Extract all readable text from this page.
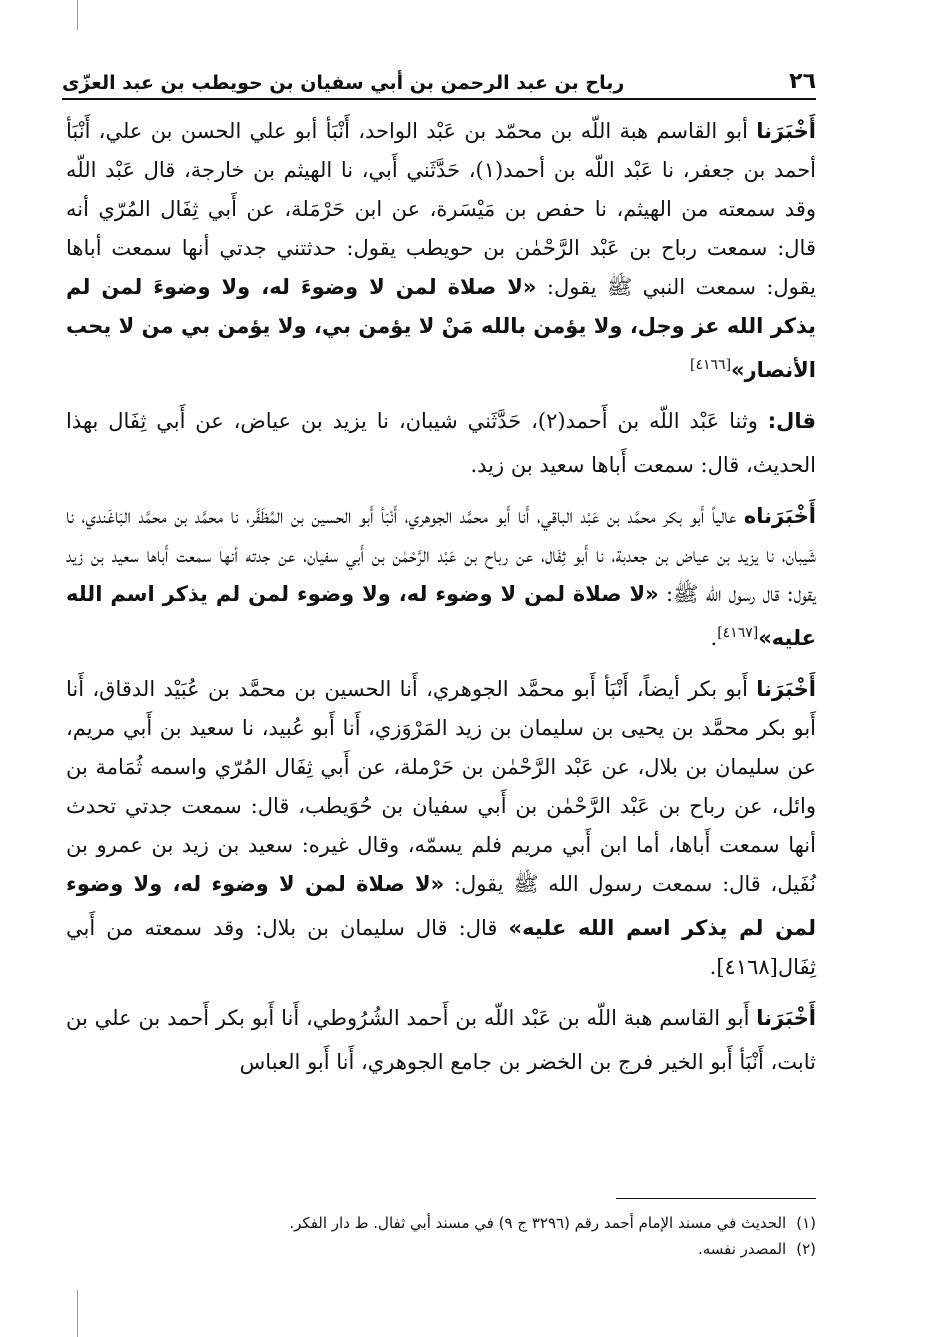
٢٦
رباح بن عبد الرحمن بن أبي سفيان بن حويطب بن عبد العزّى

أَخْبَرَنا أبو القاسم هبة اللّه بن محمّد بن عَبْد الواحد، أَنْبَأ أبو علي الحسن بن علي، أَنْبَأ أحمد بن جعفر، نا عَبْد اللّه بن أحمد(١)، حَدَّثَني أَبي، نا الهيثم بن خارجة، قال عَبْد اللّه وقد سمعته من الهيثم، نا حفص بن مَيْسَرة، عن ابن حَرْمَلة، عن أَبي ثِفَال المُرّي أنه قال: سمعت رباح بن عَبْد الرَّحْمٰن بن حويطب يقول: حدثتني جدتي أنها سمعت أباها يقول: سمعت النبي ﷺ يقول: «لا صلاة لمن لا وضوءَ له، ولا وضوءَ لمن لم يذكر الله عز وجل، ولا يؤمن بالله مَنْ لا يؤمن بي، ولا يؤمن بي من لا يحب الأنصار»[٤١٦٦]

قال: وثنا عَبْد اللّه بن أَحمد(٢)، حَدَّثَني شيبان، نا يزيد بن عياض، عن أَبي ثِفَال بهذا الحديث، قال: سمعت أَباها سعيد بن زيد.

أَخْبَرَناه عالياً أَبو بكر محمَّد بن عَبْد الباقي، أَنا أَبو محمَّد الجوهري، أَنْبَأ أَبو الحسين بن المُظَفَّر، نا محمَّد بن محمَّد البَاغَندي، نا شَيبان، نا يزيد بن عياض بن جعدبة، نا أَبو ثِفَال، عن رباح بن عَبْد الرَّحْمٰن بن أَبي سفيان، عن جدته أنها سمعت أَباها سعيد بن زيد يقول: قال رسول الله ﷺ: «لا صلاة لمن لا وضوء له، ولا وضوء لمن لم يذكر اسم الله عليه»[٤١٦٧].

أَخْبَرَنا أَبو بكر أيضاً، أَنْبَأ أَبو محمَّد الجوهري، أَنا الحسين بن محمَّد بن عُبَيْد الدقاق، أَنا أَبو بكر محمَّد بن يحيى بن سليمان بن زيد المَرْوَزي، أَنا أَبو عُبيد، نا سعيد بن أَبي مريم، عن سليمان بن بلال، عن عَبْد الرَّحْمٰن بن حَرْملة، عن أَبي ثِفَال المُرّي واسمه ثُمَامة بن وائل، عن رباح بن عَبْد الرَّحْمٰن بن أَبي سفيان بن حُوَيطب، قال: سمعت جدتي تحدث أنها سمعت أَباها، أما ابن أَبي مريم فلم يسمّه، وقال غيره: سعيد بن زيد بن عمرو بن نُفَيل، قال: سمعت رسول الله ﷺ يقول: «لا صلاة لمن لا وضوء له، ولا وضوء لمن لم يذكر اسم الله عليه» قال: قال سليمان بن بلال: وقد سمعته من أَبي ثِفَال[٤١٦٨].

أَخْبَرَنا أَبو القاسم هبة اللّه بن عَبْد اللّه بن أَحمد الشُرُوطي، أَنا أَبو بكر أَحمد بن علي بن ثابت، أَنْبَأ أَبو الخير فرج بن الخضر بن جامع الجوهري، أَنا أَبو العباس

(١)الحديث في مسند الإمام أحمد رقم (٣٢٩٦ ج ٩) في مسند أبي ثفال. ط دار الفكر.

(٢)المصدر نفسه.
